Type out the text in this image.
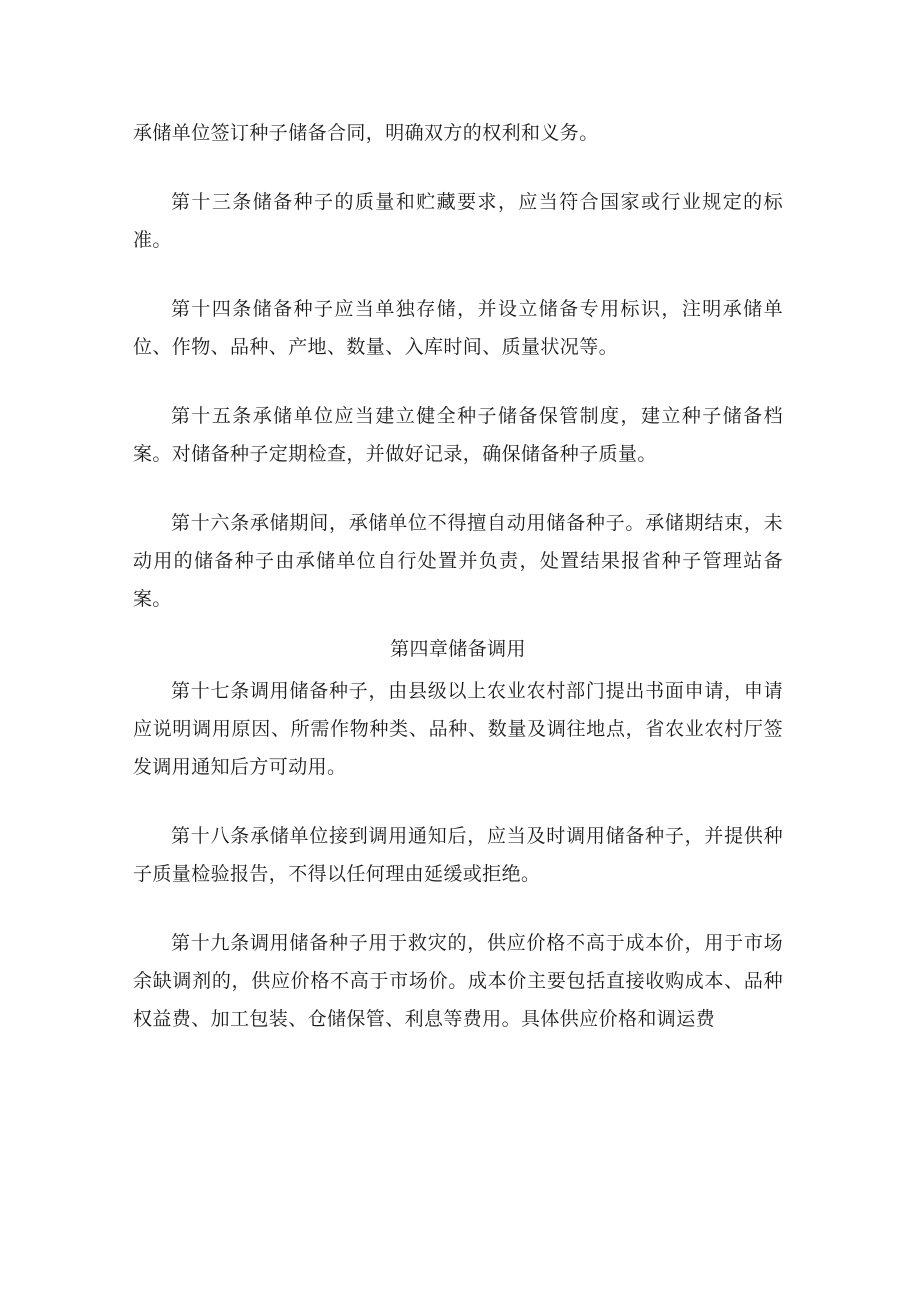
承储单位签订种子储备合同，明确双方的权利和义务。

第十三条储备种子的质量和贮藏要求，应当符合国家或行业规定的标准。

第十四条储备种子应当单独存储，并设立储备专用标识，注明承储单位、作物、品种、产地、数量、入库时间、质量状况等。

第十五条承储单位应当建立健全种子储备保管制度，建立种子储备档案。对储备种子定期检查，并做好记录，确保储备种子质量。

第十六条承储期间，承储单位不得擅自动用储备种子。承储期结束，未动用的储备种子由承储单位自行处置并负责，处置结果报省种子管理站备案。

第四章储备调用

第十七条调用储备种子，由县级以上农业农村部门提出书面申请，申请应说明调用原因、所需作物种类、品种、数量及调往地点，省农业农村厅签发调用通知后方可动用。

第十八条承储单位接到调用通知后，应当及时调用储备种子，并提供种子质量检验报告，不得以任何理由延缓或拒绝。

第十九条调用储备种子用于救灾的，供应价格不高于成本价，用于市场余缺调剂的，供应价格不高于市场价。成本价主要包括直接收购成本、品种权益费、加工包装、仓储保管、利息等费用。具体供应价格和调运费
